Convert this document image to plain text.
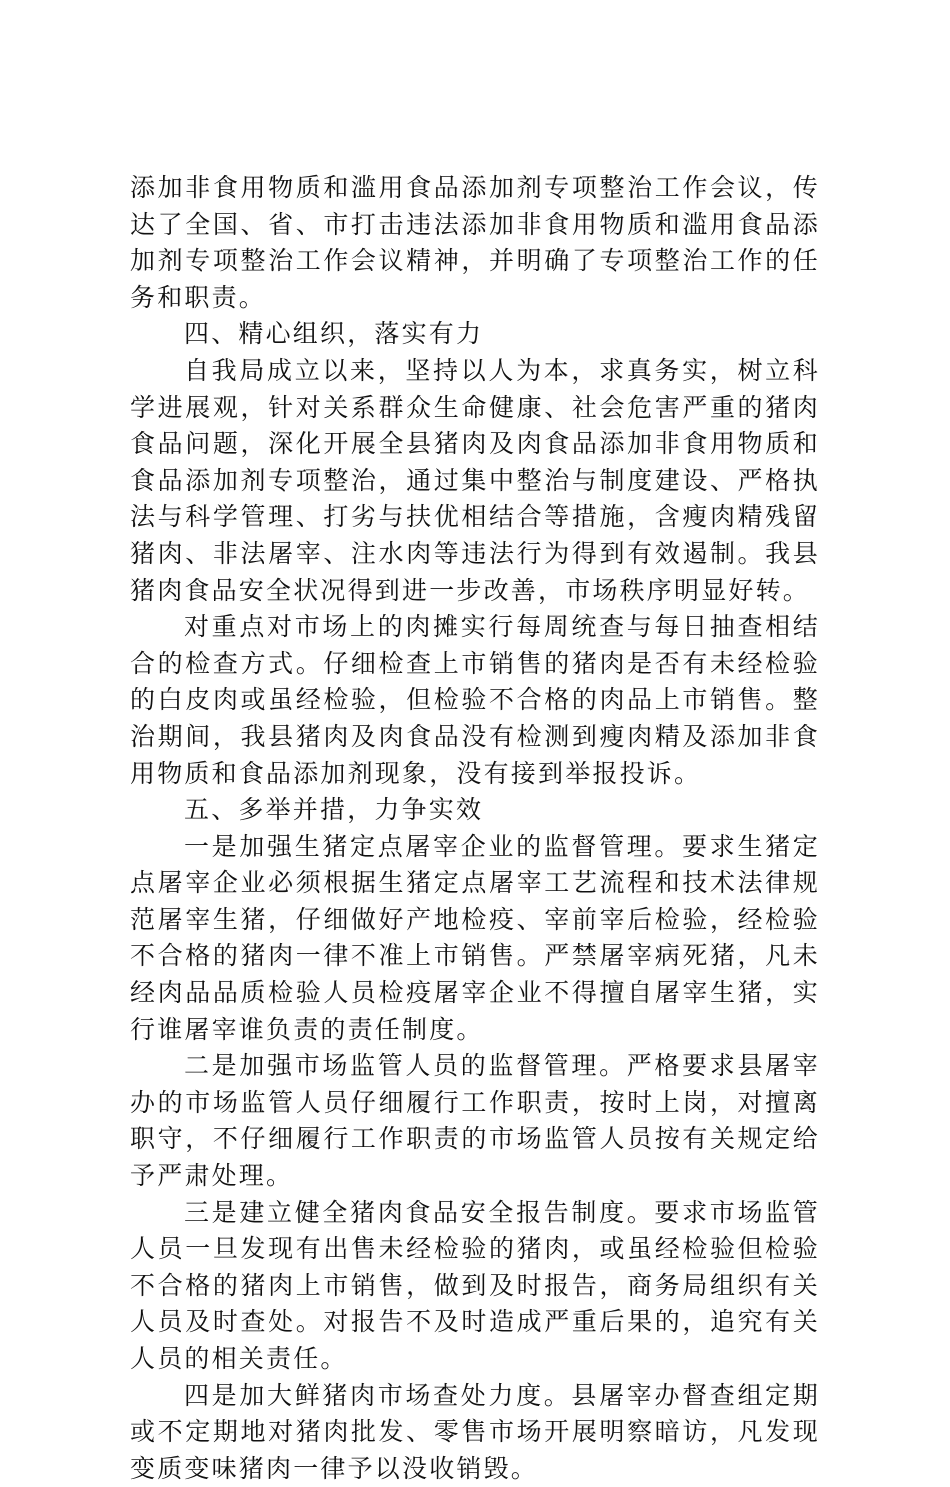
添加非食用物质和滥用食品添加剂专项整治工作会议，传达了全国、省、市打击违法添加非食用物质和滥用食品添加剂专项整治工作会议精神，并明确了专项整治工作的任务和职责。

四、精心组织，落实有力

自我局成立以来，坚持以人为本，求真务实，树立科学进展观，针对关系群众生命健康、社会危害严重的猪肉食品问题，深化开展全县猪肉及肉食品添加非食用物质和食品添加剂专项整治，通过集中整治与制度建设、严格执法与科学管理、打劣与扶优相结合等措施，含瘦肉精残留猪肉、非法屠宰、注水肉等违法行为得到有效遏制。我县猪肉食品安全状况得到进一步改善，市场秩序明显好转。

对重点对市场上的肉摊实行每周统查与每日抽查相结合的检查方式。仔细检查上市销售的猪肉是否有未经检验的白皮肉或虽经检验，但检验不合格的肉品上市销售。整治期间，我县猪肉及肉食品没有检测到瘦肉精及添加非食用物质和食品添加剂现象，没有接到举报投诉。

五、多举并措，力争实效

一是加强生猪定点屠宰企业的监督管理。要求生猪定点屠宰企业必须根据生猪定点屠宰工艺流程和技术法律规范屠宰生猪，仔细做好产地检疫、宰前宰后检验，经检验不合格的猪肉一律不准上市销售。严禁屠宰病死猪，凡未经肉品品质检验人员检疫屠宰企业不得擅自屠宰生猪，实行谁屠宰谁负责的责任制度。

二是加强市场监管人员的监督管理。严格要求县屠宰办的市场监管人员仔细履行工作职责，按时上岗，对擅离职守，不仔细履行工作职责的市场监管人员按有关规定给予严肃处理。

三是建立健全猪肉食品安全报告制度。要求市场监管人员一旦发现有出售未经检验的猪肉，或虽经检验但检验不合格的猪肉上市销售，做到及时报告，商务局组织有关人员及时查处。对报告不及时造成严重后果的，追究有关人员的相关责任。

四是加大鲜猪肉市场查处力度。县屠宰办督查组定期或不定期地对猪肉批发、零售市场开展明察暗访，凡发现变质变味猪肉一律予以没收销毁。
